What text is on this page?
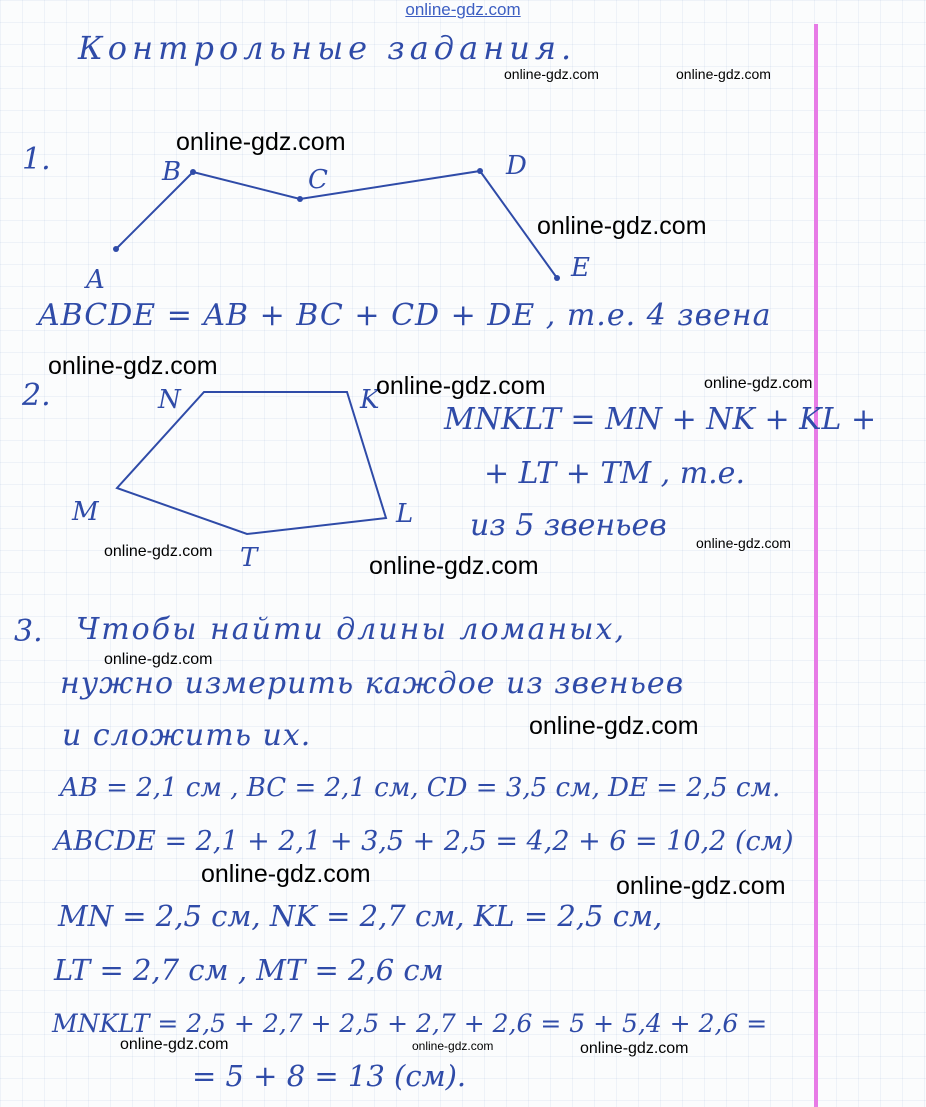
online-gdz.com

Контрольные задания.

A
B	C	D
E
N	K
M	L
T

1.

ABCDE = AB + BC + CD + DE , т.е. 4 звена

2.

MNKLT = MN + NK + KL +

+ LT + TM , т.е.

из 5 звеньев

3. Чтобы найти длины ломаных,

нужно измерить каждое из звеньев

и сложить их.

AB = 2,1 см , BC = 2,1 см, CD = 3,5 см, DE = 2,5 см.

ABCDE = 2,1 + 2,1 + 3,5 + 2,5 = 4,2 + 6 = 10,2 (см)

MN = 2,5 см, NK = 2,7 см, KL = 2,5 см,

LT = 2,7 см , MT = 2,6 см

MNKLT = 2,5 + 2,7 + 2,5 + 2,7 + 2,6 = 5 + 5,4 + 2,6 =

= 5 + 8 = 13 (см).

online-gdz.com	online-gdz.com

online-gdz.com

online-gdz.com

online-gdz.com

online-gdz.com	online-gdz.com

online-gdz.com	online-gdz.com

online-gdz.com

online-gdz.com

online-gdz.com

online-gdz.com	online-gdz.com

online-gdz.com	online-gdz.com	online-gdz.com
